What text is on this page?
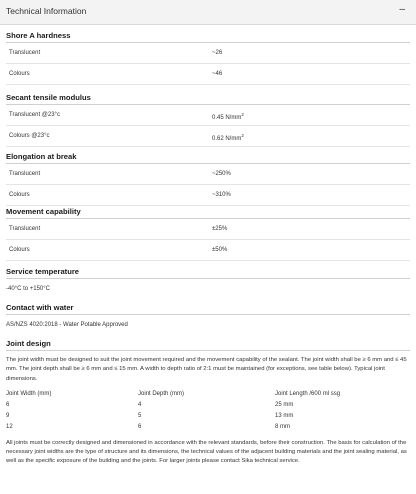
Technical Information	–
Shore A hardness
Translucent	~26
Colours	~46
Secant tensile modulus
Translucent @23°c	0.45 $N/mm^2$
Colours @23°c	0.62 $N/mm^2$
Elongation at break
Translucent	~250%
Colours	~310%
Movement capability
Translucent	±25%
Colours	±50%
Service temperature
-40°C to +150°C
Contact with water
AS/NZS 4020:2018 - Water Potable Approved
Joint design
The joint width must be designed to suit the joint movement required and the movement capability of the sealant. The joint width shall be ≥ 6 mm and ≤ 45 mm. The joint depth shall be ≥ 6 mm and ≤ 15 mm. A width to depth ratio of 2:1 must be maintained (for exceptions, see table below). Typical joint dimensions.
Joint Width (mm)	Joint Depth (mm)	Joint Length /600 ml ssg
6	4	25 mm
9	5	13 mm
12	6	8 mm
All joints must be correctly designed and dimensioned in accordance with the relevant standards, before their construction. The basis for calculation of the necessary joint widths are the type of structure and its dimensions, the technical values of the adjacent building materials and the joint sealing material, as well as the specific exposure of the building and the joints. For larger joints please contact Sika technical service.
